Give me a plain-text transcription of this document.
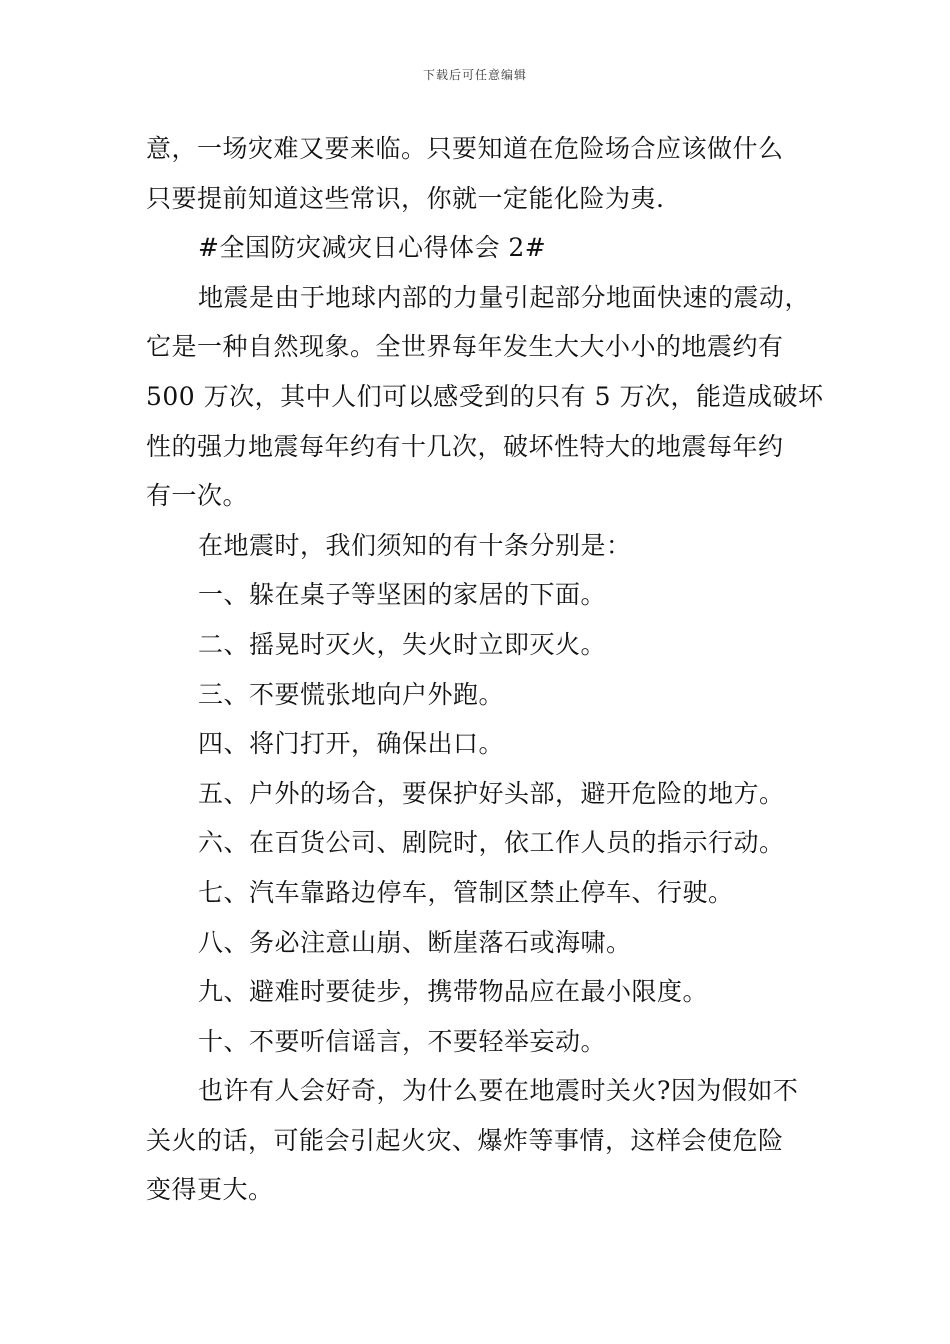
下载后可任意编辑
意，一场灾难又要来临。只要知道在危险场合应该做什么
只要提前知道这些常识，你就一定能化险为夷.
#全国防灾减灾日心得体会 2#
地震是由于地球内部的力量引起部分地面快速的震动，
它是一种自然现象。全世界每年发生大大小小的地震约有
500 万次，其中人们可以感受到的只有 5 万次，能造成破坏
性的强力地震每年约有十几次，破坏性特大的地震每年约
有一次。
在地震时，我们须知的有十条分别是：
一、躲在桌子等坚困的家居的下面。
二、摇晃时灭火，失火时立即灭火。
三、不要慌张地向户外跑。
四、将门打开，确保出口。
五、户外的场合，要保护好头部，避开危险的地方。
六、在百货公司、剧院时，依工作人员的指示行动。
七、汽车靠路边停车，管制区禁止停车、行驶。
八、务必注意山崩、断崖落石或海啸。
九、避难时要徒步，携带物品应在最小限度。
十、不要听信谣言，不要轻举妄动。
也许有人会好奇，为什么要在地震时关火?因为假如不
关火的话，可能会引起火灾、爆炸等事情，这样会使危险
变得更大。
